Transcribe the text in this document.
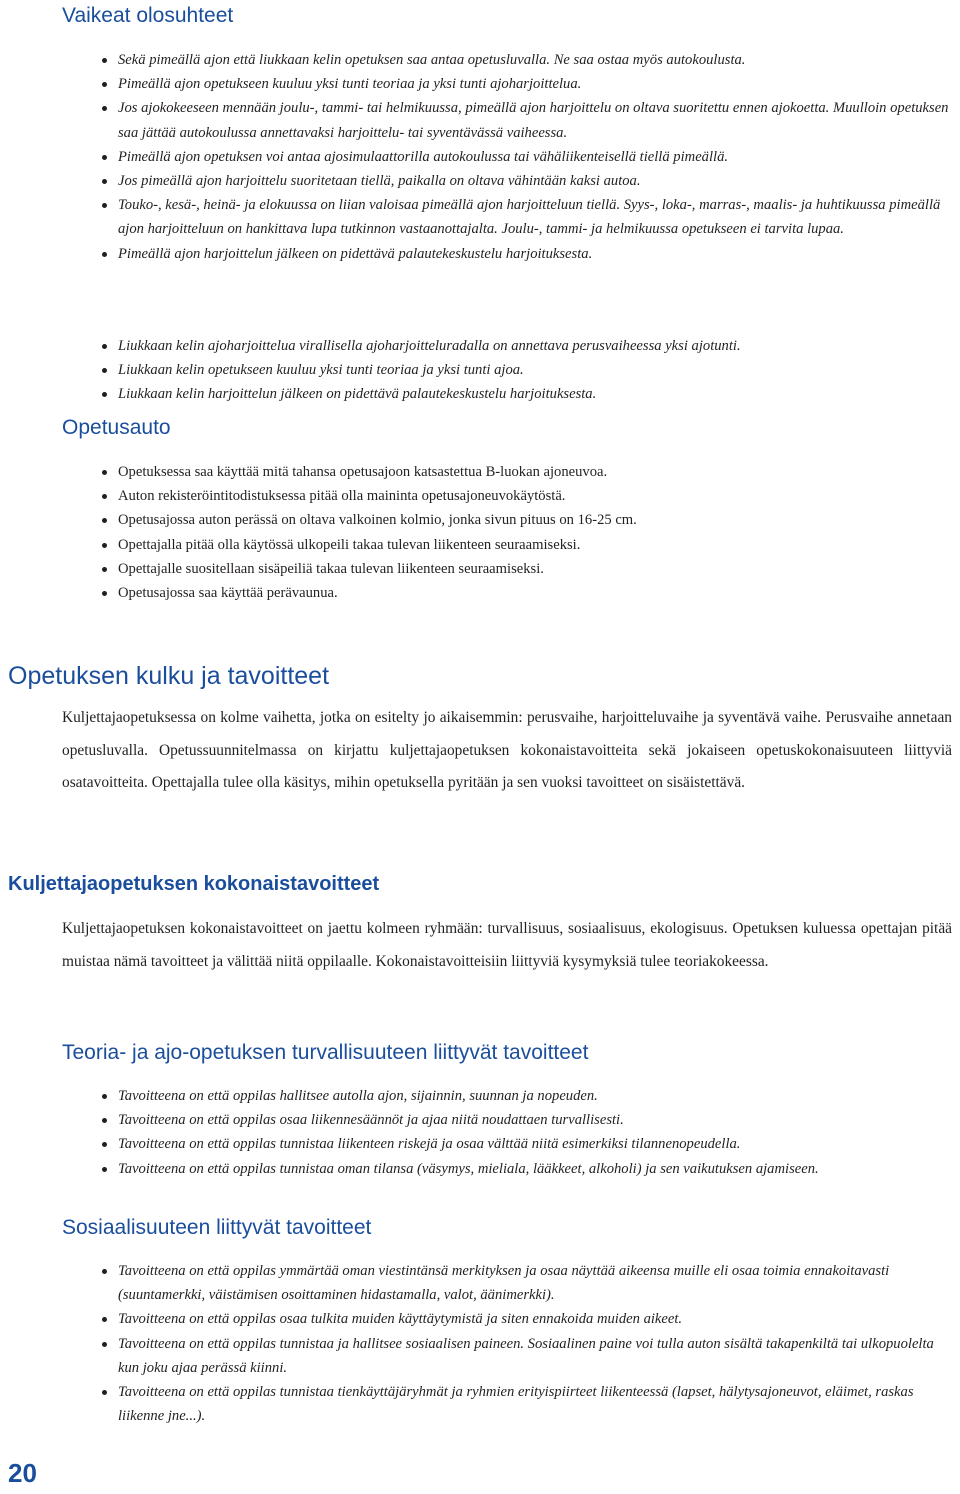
Vaikeat olosuhteet
Sekä pimeällä ajon että liukkaan kelin opetuksen saa antaa opetusluvalla. Ne saa ostaa myös autokoulusta.
Pimeällä ajon opetukseen kuuluu yksi tunti teoriaa ja yksi tunti ajoharjoittelua.
Jos ajokokeeseen mennään joulu-, tammi- tai helmikuussa, pimeällä ajon harjoittelu on oltava suoritettu ennen ajokoetta. Muulloin opetuksen saa jättää autokoulussa annettavaksi harjoittelu- tai syventävässä vaiheessa.
Pimeällä ajon opetuksen voi antaa ajosimulaattorilla autokoulussa tai vähäliikenteisellä tiellä pimeällä.
Jos pimeällä ajon harjoittelu suoritetaan tiellä, paikalla on oltava vähintään kaksi autoa.
Touko-, kesä-, heinä- ja elokuussa on liian valoisaa pimeällä ajon harjoitteluun tiellä. Syys-, loka-, marras-, maalis- ja huhtikuussa pimeällä ajon harjoitteluun on hankittava lupa tutkinnon vastaanottajalta. Joulu-, tammi- ja helmikuussa opetukseen ei tarvita lupaa.
Pimeällä ajon harjoittelun jälkeen on pidettävä palautekeskustelu harjoituksesta.
Liukkaan kelin ajoharjoittelua virallisella ajoharjoitteluradalla on annettava perusvaiheessa yksi ajotunti.
Liukkaan kelin opetukseen kuuluu yksi tunti teoriaa ja yksi tunti ajoa.
Liukkaan kelin harjoittelun jälkeen on pidettävä palautekeskustelu harjoituksesta.
Opetusauto
Opetuksessa saa käyttää mitä tahansa opetusajoon katsastettua B-luokan ajoneuvoa.
Auton rekisteröintitodistuksessa pitää olla maininta opetusajoneuvokäytöstä.
Opetusajossa auton perässä on oltava valkoinen kolmio, jonka sivun pituus on 16-25 cm.
Opettajalla pitää olla käytössä ulkopeili takaa tulevan liikenteen seuraamiseksi.
Opettajalle suositellaan sisäpeiliä takaa tulevan liikenteen seuraamiseksi.
Opetusajossa saa käyttää perävaunua.
Opetuksen kulku ja tavoitteet

Kuljettajaopetuksessa on kolme vaihetta, jotka on esitelty jo aikaisemmin: perusvaihe, harjoitteluvaihe ja syventävä vaihe. Perusvaihe annetaan opetusluvalla. Opetussuunnitelmassa on kirjattu kuljettajaopetuksen kokonaistavoitteita sekä jokaiseen opetuskokonaisuuteen liittyviä osatavoitteita. Opettajalla tulee olla käsitys, mihin opetuksella pyritään ja sen vuoksi tavoitteet on sisäistettävä.

Kuljettajaopetuksen kokonaistavoitteet

Kuljettajaopetuksen kokonaistavoitteet on jaettu kolmeen ryhmään: turvallisuus, sosiaalisuus, ekologisuus. Opetuksen kuluessa opettajan pitää muistaa nämä tavoitteet ja välittää niitä oppilaalle. Kokonaistavoitteisiin liittyviä kysymyksiä tulee teoriakokeessa.

Teoria- ja ajo-opetuksen turvallisuuteen liittyvät tavoitteet
Tavoitteena on että oppilas hallitsee autolla ajon, sijainnin, suunnan ja nopeuden.
Tavoitteena on että oppilas osaa liikennesäännöt ja ajaa niitä noudattaen turvallisesti.
Tavoitteena on että oppilas tunnistaa liikenteen riskejä ja osaa välttää niitä esimerkiksi tilannenopeudella.
Tavoitteena on että oppilas tunnistaa oman tilansa (väsymys, mieliala, lääkkeet, alkoholi) ja sen vaikutuksen ajamiseen.
Sosiaalisuuteen liittyvät tavoitteet
Tavoitteena on että oppilas ymmärtää oman viestintänsä merkityksen ja osaa näyttää aikeensa muille eli osaa toimia ennakoitavasti (suuntamerkki, väistämisen osoittaminen hidastamalla, valot, äänimerkki).
Tavoitteena on että oppilas osaa tulkita muiden käyttäytymistä ja siten ennakoida muiden aikeet.
Tavoitteena on että oppilas tunnistaa ja hallitsee sosiaalisen paineen. Sosiaalinen paine voi tulla auton sisältä takapenkiltä tai ulkopuolelta kun joku ajaa perässä kiinni.
Tavoitteena on että oppilas tunnistaa tienkäyttäjäryhmät ja ryhmien erityispiirteet liikenteessä (lapset, hälytysajoneuvot, eläimet, raskas liikenne jne...).
20
